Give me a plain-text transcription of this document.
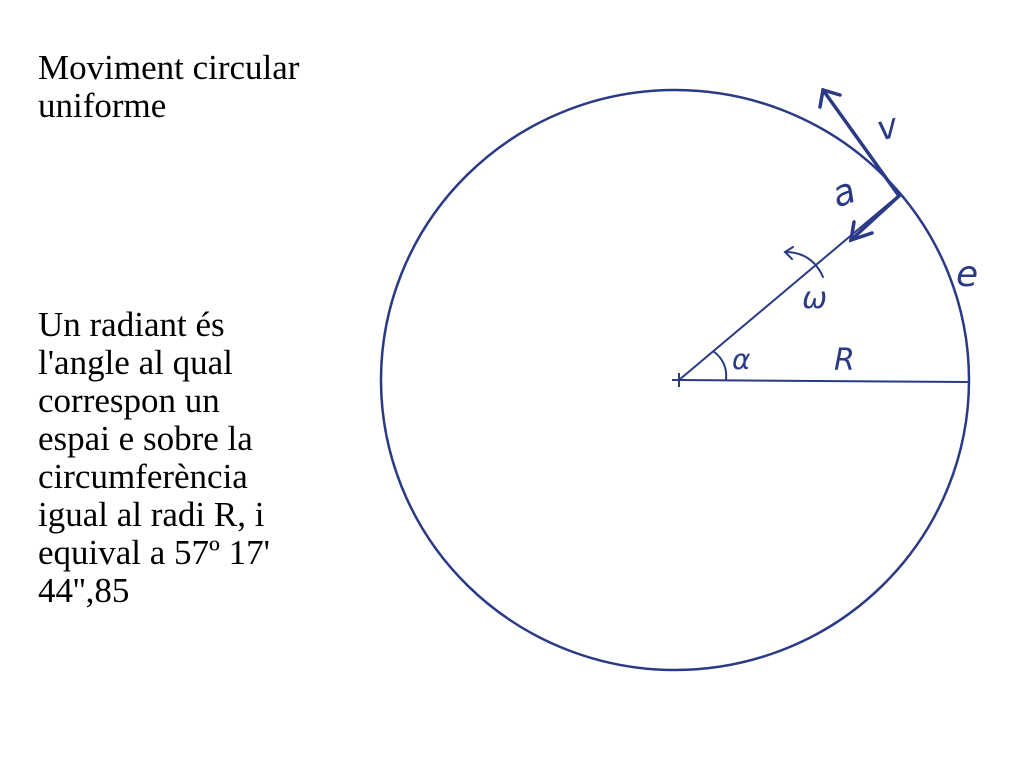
Moviment circular
uniforme
Un radiant és
l'angle al qual
correspon un
espai e sobre la
circumferència
igual al radi R, i
equival a 57º 17'
44'',85
v
a
e
ω
α	R
